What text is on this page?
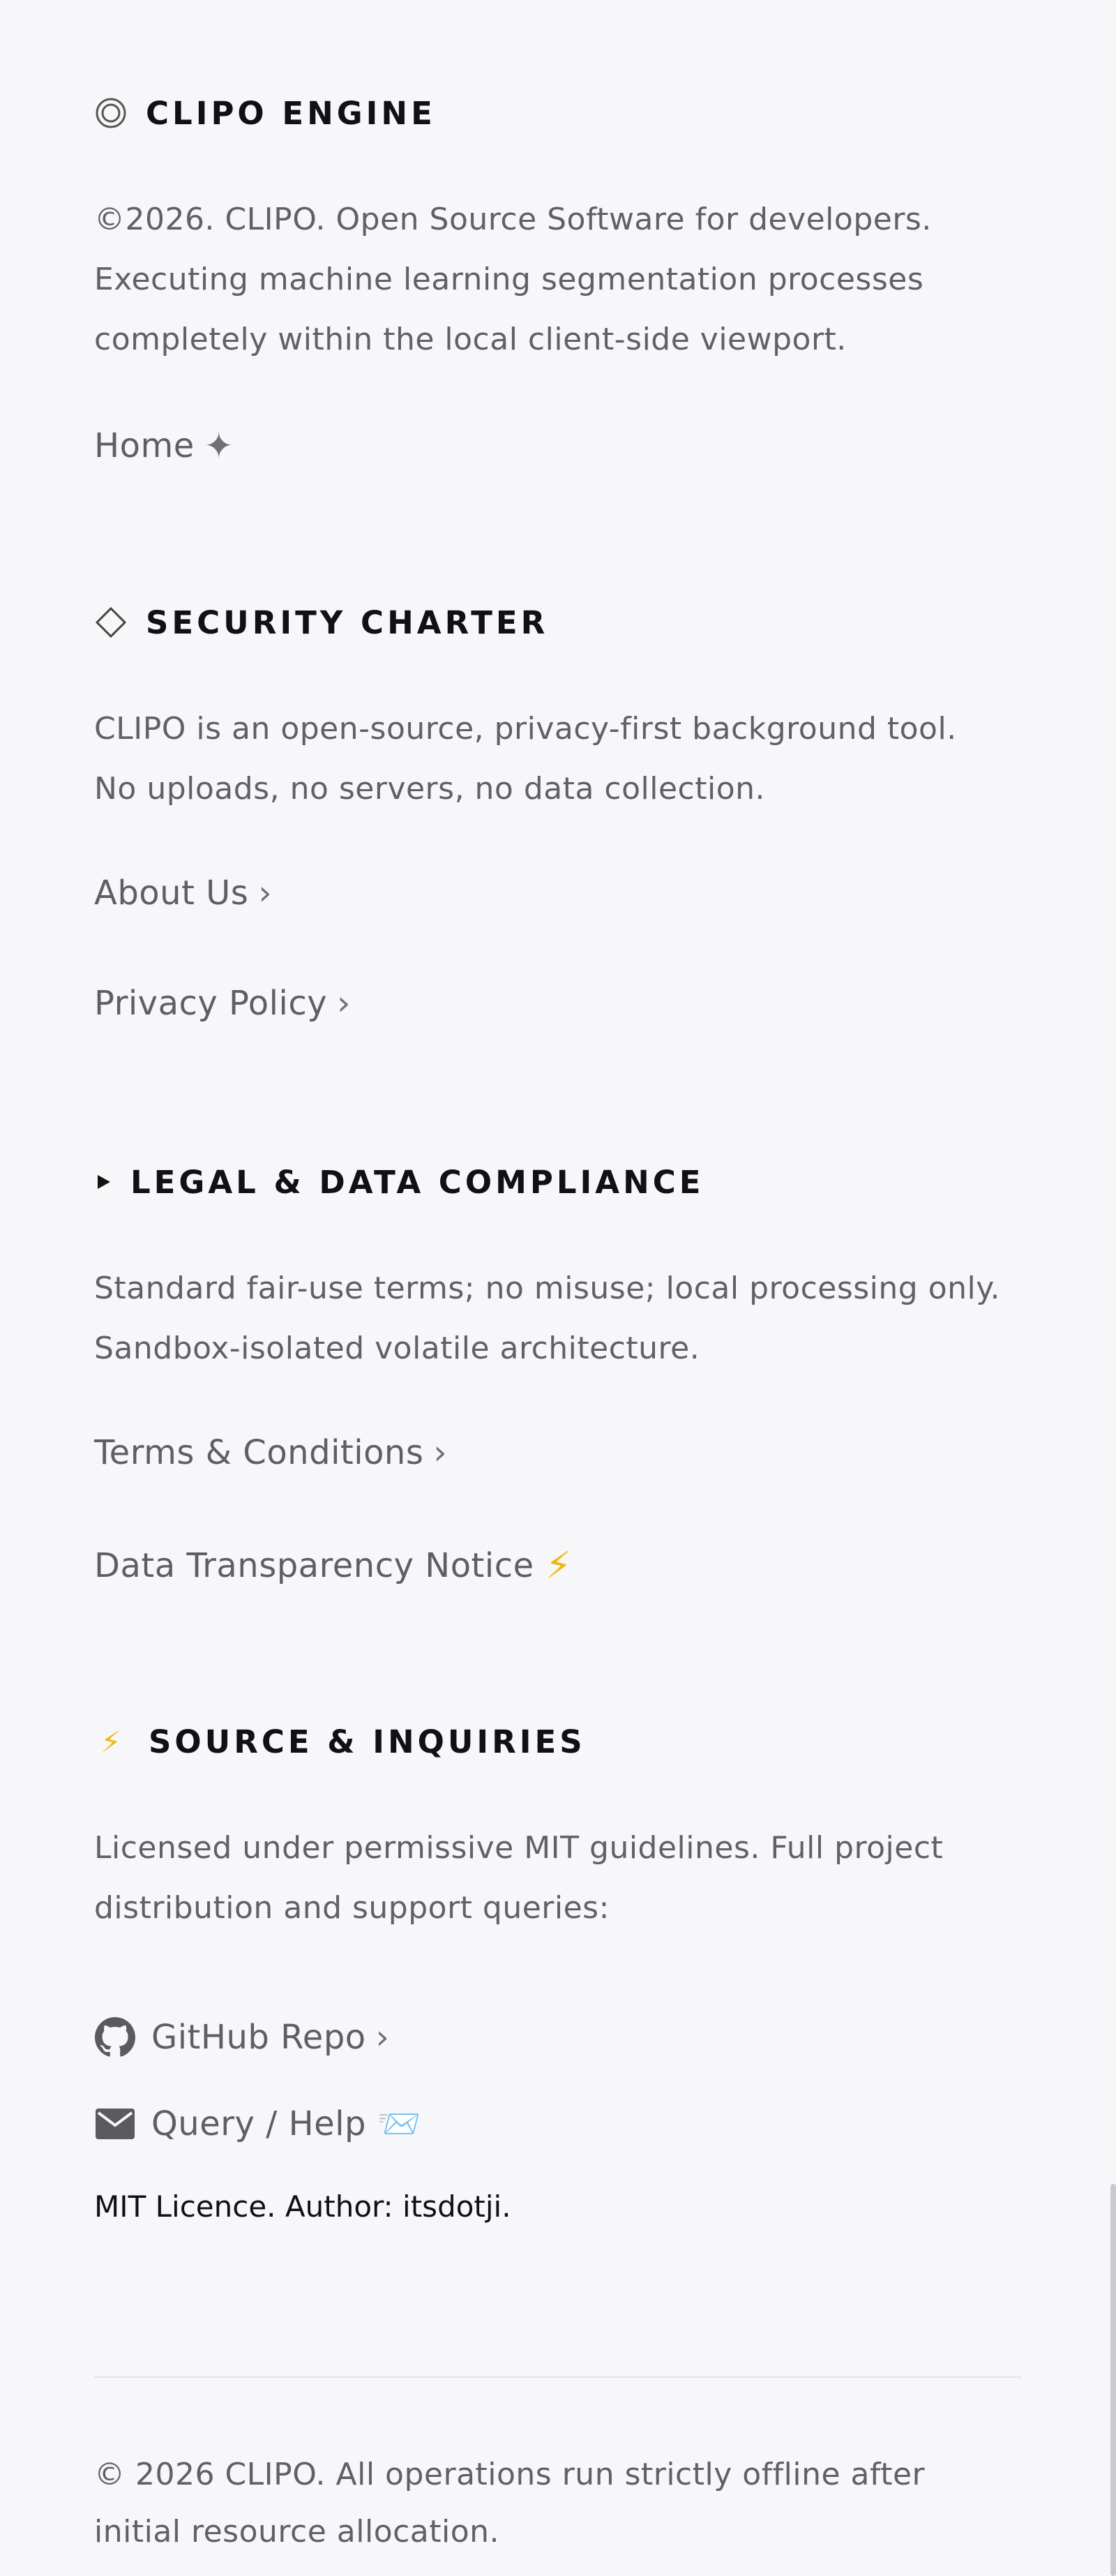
CLIPO ENGINE
©2026. CLIPO. Open Source Software for developers.
Executing machine learning segmentation processes
completely within the local client-side viewport.
Home ✦
SECURITY CHARTER
CLIPO is an open-source, privacy-first background tool.
No uploads, no servers, no data collection.
About Us ›
Privacy Policy ›
LEGAL & DATA COMPLIANCE
Standard fair-use terms; no misuse; local processing only.
Sandbox-isolated volatile architecture.
Terms & Conditions ›
Data Transparency Notice ⚡
⚡ SOURCE & INQUIRIES
Licensed under permissive MIT guidelines. Full project
distribution and support queries:
GitHub Repo ›
Query / Help 📨
MIT Licence. Author: itsdotji.
© 2026 CLIPO. All operations run strictly offline after
initial resource allocation.
